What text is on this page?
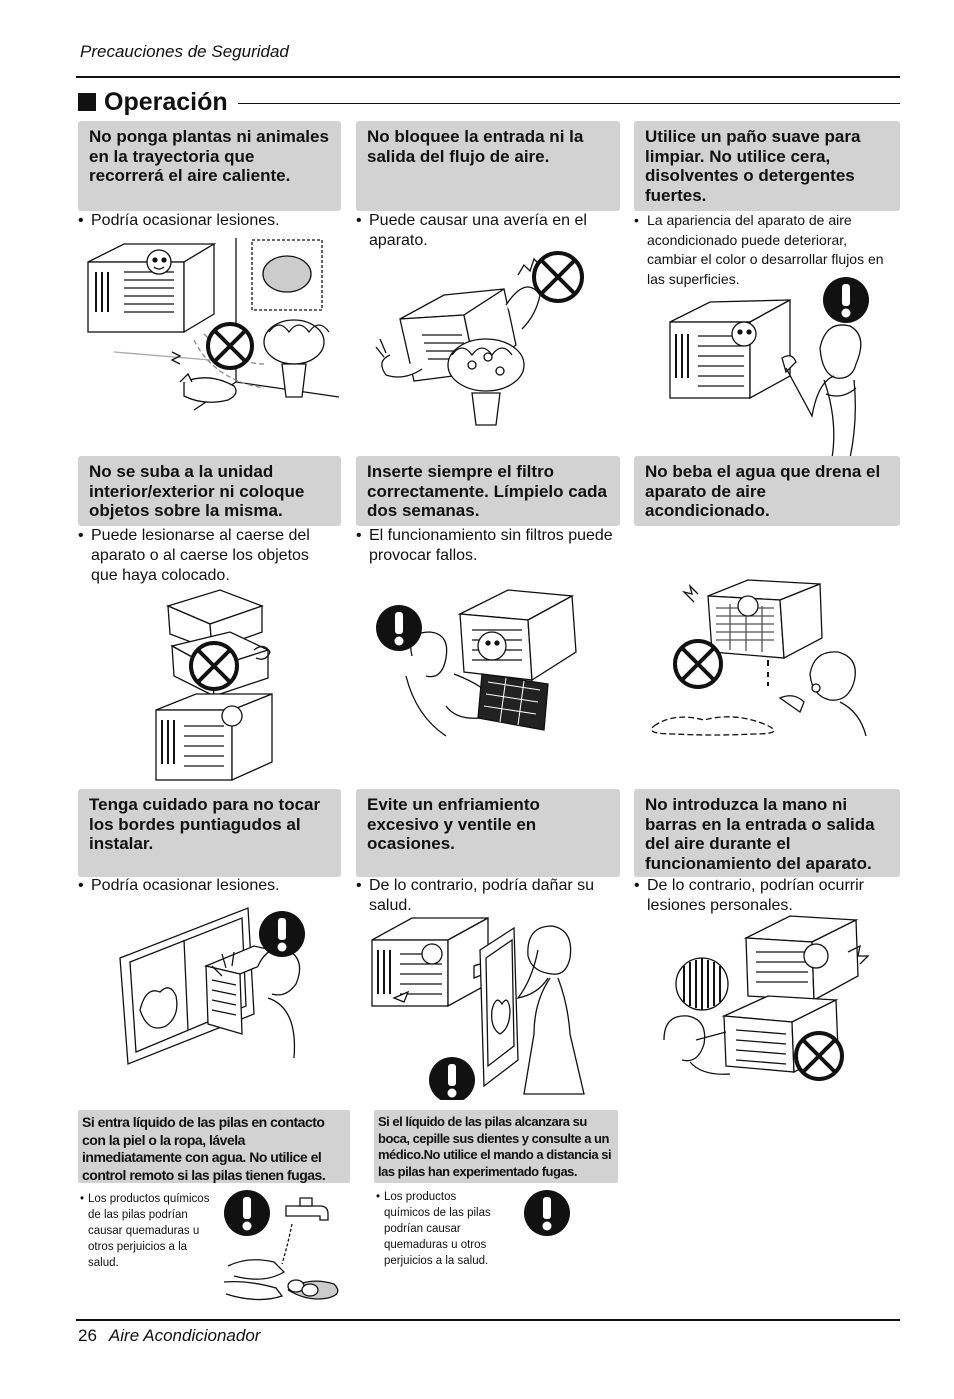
Precauciones de Seguridad
Operación
No ponga plantas ni animales en la trayectoria que recorrerá el aire caliente.
No bloquee la entrada ni la salida del flujo de aire.
Utilice un paño suave para limpiar. No utilice cera, disolventes o detergentes fuertes.
• Podría ocasionar lesiones.	• Puede causar una avería en el aparato.
• La apariencia del aparato de aire acondicionado puede deteriorar, cambiar el color o desarrollar flujos en las superficies.
No se suba a la unidad interior/exterior ni coloque objetos sobre la misma.
Inserte siempre el filtro correctamente. Límpielo cada dos semanas.
No beba el agua que drena el aparato de aire acondicionado.
• Puede lesionarse al caerse del aparato o al caerse los objetos que haya colocado.
• El funcionamiento sin filtros puede provocar fallos.
Tenga cuidado para no tocar los bordes puntiagudos al instalar.
Evite un enfriamiento excesivo y ventile en ocasiones.
No introduzca la mano ni barras en la entrada o salida del aire durante el funcionamiento del aparato.
• Podría ocasionar lesiones.	• De lo contrario, podría dañar su salud.
• De lo contrario, podrían ocurrir lesiones personales.
Si entra líquido de las pilas en contacto con la piel o la ropa, lávela inmediatamente con agua. No utilice el control remoto si las pilas tienen fugas.
Si el líquido de las pilas alcanzara su boca, cepille sus dientes y consulte a un médico.No utilice el mando a distancia si las pilas han experimentado fugas.
• Los productos químicos de las pilas podrían causar quemaduras u otros perjuicios a la salud.
• Los productos químicos de las pilas podrían causar quemaduras u otros perjuicios a la salud.
26 Aire Acondicionador
